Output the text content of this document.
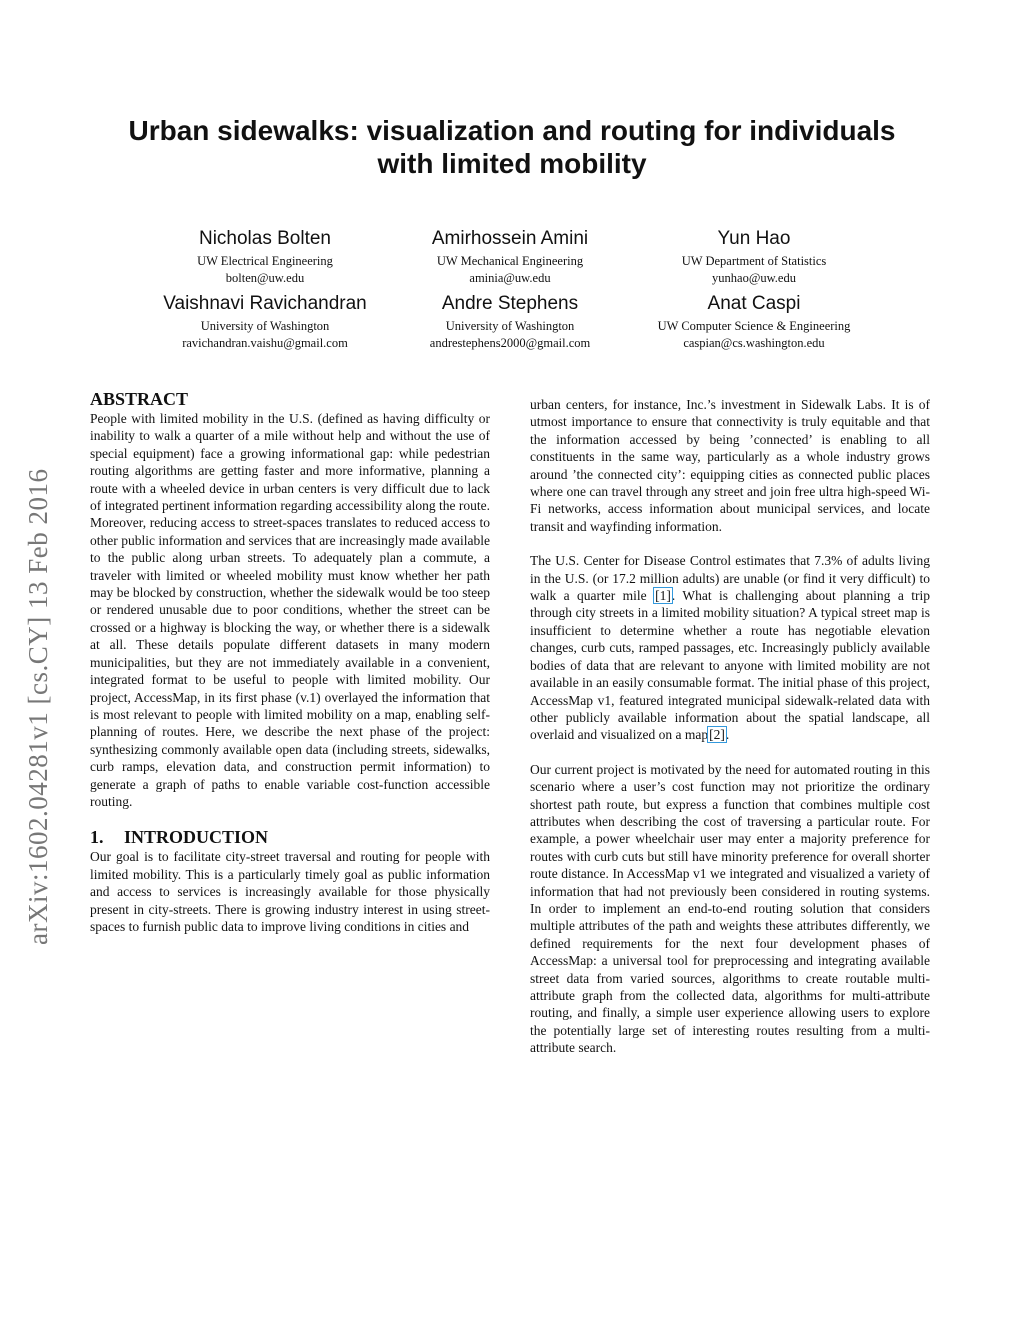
Urban sidewalks: visualization and routing for individuals
with limited mobility
Nicholas Bolten
UW Electrical Engineering
bolten@uw.edu
Amirhossein Amini
UW Mechanical Engineering
aminia@uw.edu
Yun Hao
UW Department of Statistics
yunhao@uw.edu
Vaishnavi Ravichandran
University of Washington
ravichandran.vaishu@gmail.com
Andre Stephens
University of Washington
andrestephens2000@gmail.com
Anat Caspi
UW Computer Science & Engineering
caspian@cs.washington.edu
arXiv:1602.04281v1 [cs.CY] 13 Feb 2016
ABSTRACT

People with limited mobility in the U.S. (defined as having difficulty or inability to walk a quarter of a mile without help and without the use of special equipment) face a growing informational gap: while pedestrian routing algorithms are getting faster and more informative, planning a route with a wheeled device in urban centers is very difficult due to lack of integrated pertinent information regarding accessibility along the route. Moreover, reducing access to street-spaces translates to reduced access to other public information and services that are increasingly made available to the public along urban streets. To adequately plan a commute, a traveler with limited or wheeled mobility must know whether her path may be blocked by construction, whether the sidewalk would be too steep or rendered unusable due to poor conditions, whether the street can be crossed or a highway is blocking the way, or whether there is a sidewalk at all. These details populate different datasets in many modern municipalities, but they are not immediately available in a convenient, integrated format to be useful to people with limited mobility. Our project, AccessMap, in its first phase (v.1) overlayed the information that is most relevant to people with limited mobility on a map, enabling self-planning of routes. Here, we describe the next phase of the project: synthesizing commonly available open data (including streets, sidewalks, curb ramps, elevation data, and construction permit information) to generate a graph of paths to enable variable cost-function accessible routing.

1. INTRODUCTION

Our goal is to facilitate city-street traversal and routing for people with limited mobility. This is a particularly timely goal as public information and access to services is increasingly available for those physically present in city-streets. There is growing industry interest in using street-spaces to furnish public data to improve living conditions in cities and

urban centers, for instance, Inc.’s investment in Sidewalk Labs. It is of utmost importance to ensure that connectivity is truly equitable and that the information accessed by being ’connected’ is enabling to all constituents in the same way, particularly as a whole industry grows around ’the connected city’: equipping cities as connected public places where one can travel through any street and join free ultra high-speed Wi-Fi networks, access information about municipal services, and locate transit and wayfinding information.

The U.S. Center for Disease Control estimates that 7.3% of adults living in the U.S. (or 17.2 million adults) are unable (or find it very difficult) to walk a quarter mile [1]. What is challenging about planning a trip through city streets in a limited mobility situation? A typical street map is insufficient to determine whether a route has negotiable elevation changes, curb cuts, ramped passages, etc. Increasingly publicly available bodies of data that are relevant to anyone with limited mobility are not available in an easily consumable format. The initial phase of this project, AccessMap v1, featured integrated municipal sidewalk-related data with other publicly available information about the spatial landscape, all overlaid and visualized on a map[2].

Our current project is motivated by the need for automated routing in this scenario where a user’s cost function may not prioritize the ordinary shortest path route, but express a function that combines multiple cost attributes when describing the cost of traversing a particular route. For example, a power wheelchair user may enter a majority preference for routes with curb cuts but still have minority preference for overall shorter route distance. In AccessMap v1 we integrated and visualized a variety of information that had not previously been considered in routing systems. In order to implement an end-to-end routing solution that considers multiple attributes of the path and weights these attributes differently, we defined requirements for the next four development phases of AccessMap: a universal tool for preprocessing and integrating available street data from varied sources, algorithms to create routable multi-attribute graph from the collected data, algorithms for multi-attribute routing, and finally, a simple user experience allowing users to explore the potentially large set of interesting routes resulting from a multi-attribute search.
